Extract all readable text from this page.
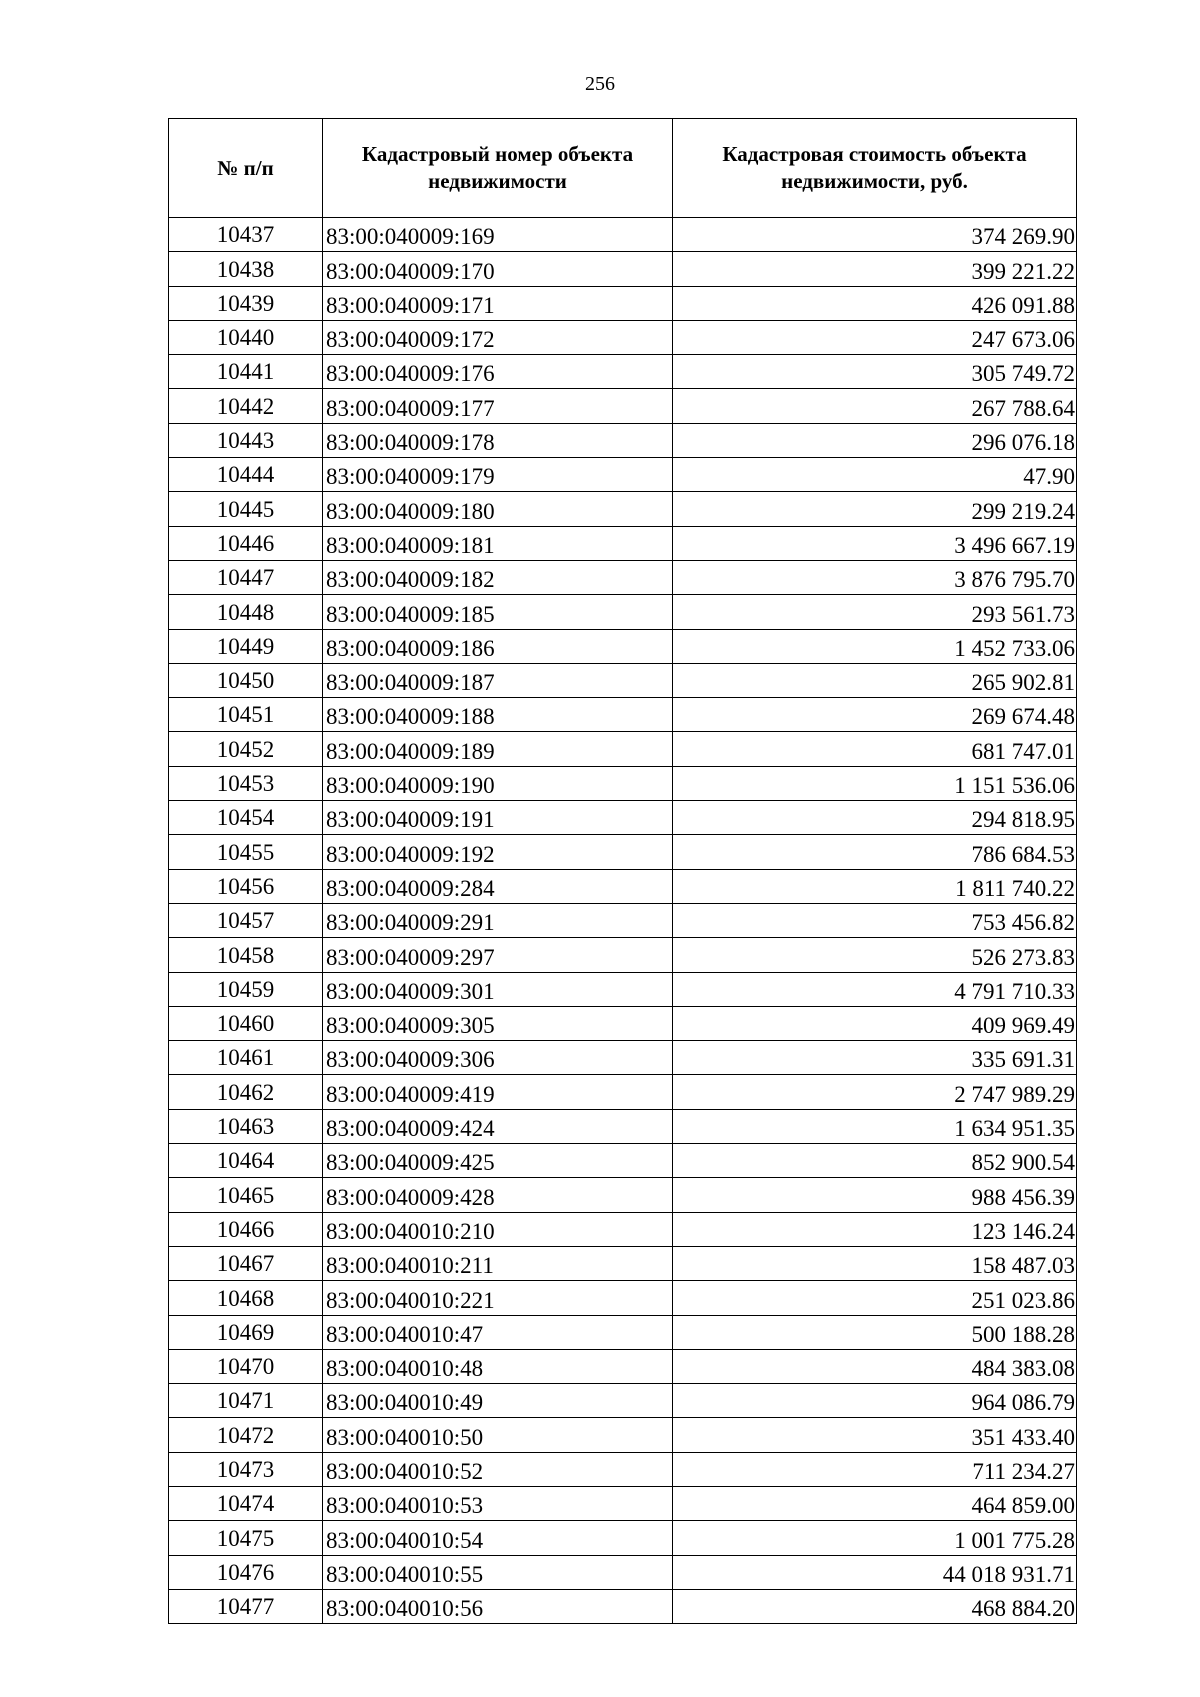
256
№ п/п	Кадастровый номер объекта недвижимости	Кадастровая стоимость объекта недвижимости, руб.
10437	83:00:040009:169	374 269.90
10438	83:00:040009:170	399 221.22
10439	83:00:040009:171	426 091.88
10440	83:00:040009:172	247 673.06
10441	83:00:040009:176	305 749.72
10442	83:00:040009:177	267 788.64
10443	83:00:040009:178	296 076.18
10444	83:00:040009:179	47.90
10445	83:00:040009:180	299 219.24
10446	83:00:040009:181	3 496 667.19
10447	83:00:040009:182	3 876 795.70
10448	83:00:040009:185	293 561.73
10449	83:00:040009:186	1 452 733.06
10450	83:00:040009:187	265 902.81
10451	83:00:040009:188	269 674.48
10452	83:00:040009:189	681 747.01
10453	83:00:040009:190	1 151 536.06
10454	83:00:040009:191	294 818.95
10455	83:00:040009:192	786 684.53
10456	83:00:040009:284	1 811 740.22
10457	83:00:040009:291	753 456.82
10458	83:00:040009:297	526 273.83
10459	83:00:040009:301	4 791 710.33
10460	83:00:040009:305	409 969.49
10461	83:00:040009:306	335 691.31
10462	83:00:040009:419	2 747 989.29
10463	83:00:040009:424	1 634 951.35
10464	83:00:040009:425	852 900.54
10465	83:00:040009:428	988 456.39
10466	83:00:040010:210	123 146.24
10467	83:00:040010:211	158 487.03
10468	83:00:040010:221	251 023.86
10469	83:00:040010:47	500 188.28
10470	83:00:040010:48	484 383.08
10471	83:00:040010:49	964 086.79
10472	83:00:040010:50	351 433.40
10473	83:00:040010:52	711 234.27
10474	83:00:040010:53	464 859.00
10475	83:00:040010:54	1 001 775.28
10476	83:00:040010:55	44 018 931.71
10477	83:00:040010:56	468 884.20
